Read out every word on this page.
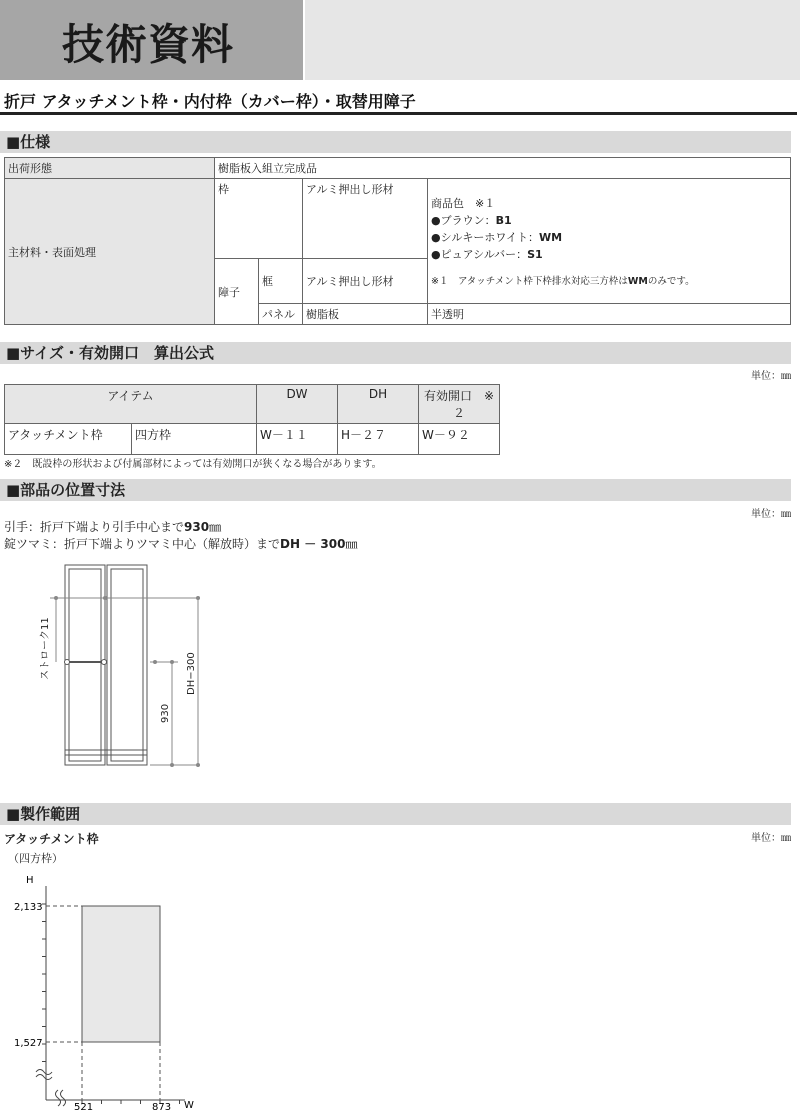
技術資料
折戸 アタッチメント枠・内付枠（カバー枠）・取替用障子
■仕様
出荷形態	樹脂板入組立完成品			
主材料・表面処理	枠		アルミ押出し形材	商品色　※１
●ブラウン：B1
●シルキーホワイト：WM
●ピュアシルバー：S1
※１　アタッチメント枠下枠排水対応三方枠はWMのみです。

	障子	框	アルミ押出し形材	
		パネル	樹脂板	半透明
■サイズ・有効開口　算出公式
単位：㎜
アイテム		DW	DH	有効開口　※２
アタッチメント枠	四方枠	W－１１	H－２７	W－９２
※２　既設枠の形状および付属部材によっては有効開口が狭くなる場合があります。
■部品の位置寸法
単位：㎜
引手：折戸下端より引手中心まで930㎜
錠ツマミ：折戸下端よりツマミ中心（解放時）までDH － 300㎜
ストローク11
930
DH−300
■製作範囲
単位：㎜
アタッチメント枠
（四方枠）
H
W
2,133
1,527
521	873
